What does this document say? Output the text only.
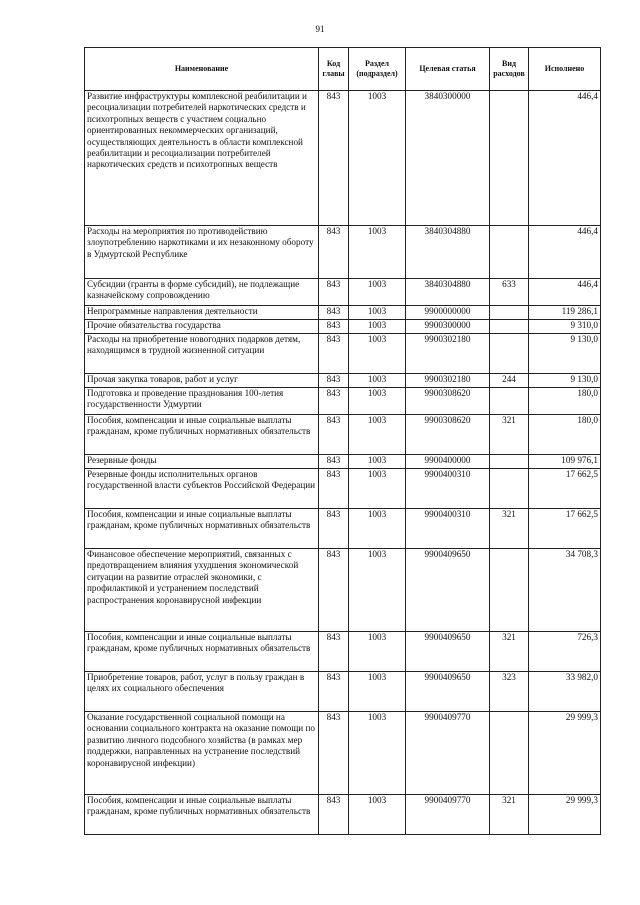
91
Наименование	Код главы	Раздел (подраздел)	Целевая статья	Вид расходов	Исполнено
Развитие инфраструктуры комплексной реабилитации и ресоциализации потребителей наркотических средств и психотропных веществ с участием социально ориентированных некоммерческих организаций, осуществляющих деятельность в области комплексной реабилитации и ресоциализации потребителей наркотических средств и психотропных веществ	843	1003	3840300000		446,4
Расходы на мероприятия по противодействию злоупотреблению наркотиками и их незаконному обороту в Удмуртской Республике	843	1003	3840304880		446,4
Субсидии (гранты в форме субсидий), не подлежащие казначейскому сопровождению	843	1003	3840304880	633	446,4
Непрограммные направления деятельности	843	1003	9900000000		119 286,1
Прочие обязательства государства	843	1003	9900300000		9 310,0
Расходы на приобретение новогодних подарков детям, находящимся в трудной жизненной ситуации	843	1003	9900302180		9 130,0
Прочая закупка товаров, работ и услуг	843	1003	9900302180	244	9 130,0
Подготовка и проведение празднования 100-летия государственности Удмуртии	843	1003	9900308620		180,0
Пособия, компенсации и иные социальные выплаты гражданам, кроме публичных нормативных обязательств	843	1003	9900308620	321	180,0
Резервные фонды	843	1003	9900400000		109 976,1
Резервные фонды исполнительных органов государственной власти субъектов Российской Федерации	843	1003	9900400310		17 662,5
Пособия, компенсации и иные социальные выплаты гражданам, кроме публичных нормативных обязательств	843	1003	9900400310	321	17 662,5
Финансовое обеспечение мероприятий, связанных с предотвращением влияния ухудшения экономической ситуации на развитие отраслей экономики, с профилактикой и устранением последствий распространения коронавирусной инфекции	843	1003	9900409650		34 708,3
Пособия, компенсации и иные социальные выплаты гражданам, кроме публичных нормативных обязательств	843	1003	9900409650	321	726,3
Приобретение товаров, работ, услуг в пользу граждан в целях их социального обеспечения	843	1003	9900409650	323	33 982,0
Оказание государственной социальной помощи на основании социального контракта на оказание помощи по развитию личного подсобного хозяйства (в рамках мер поддержки, направленных на устранение последствий коронавирусной инфекции)	843	1003	9900409770		29 999,3
Пособия, компенсации и иные социальные выплаты гражданам, кроме публичных нормативных обязательств	843	1003	9900409770	321	29 999,3
